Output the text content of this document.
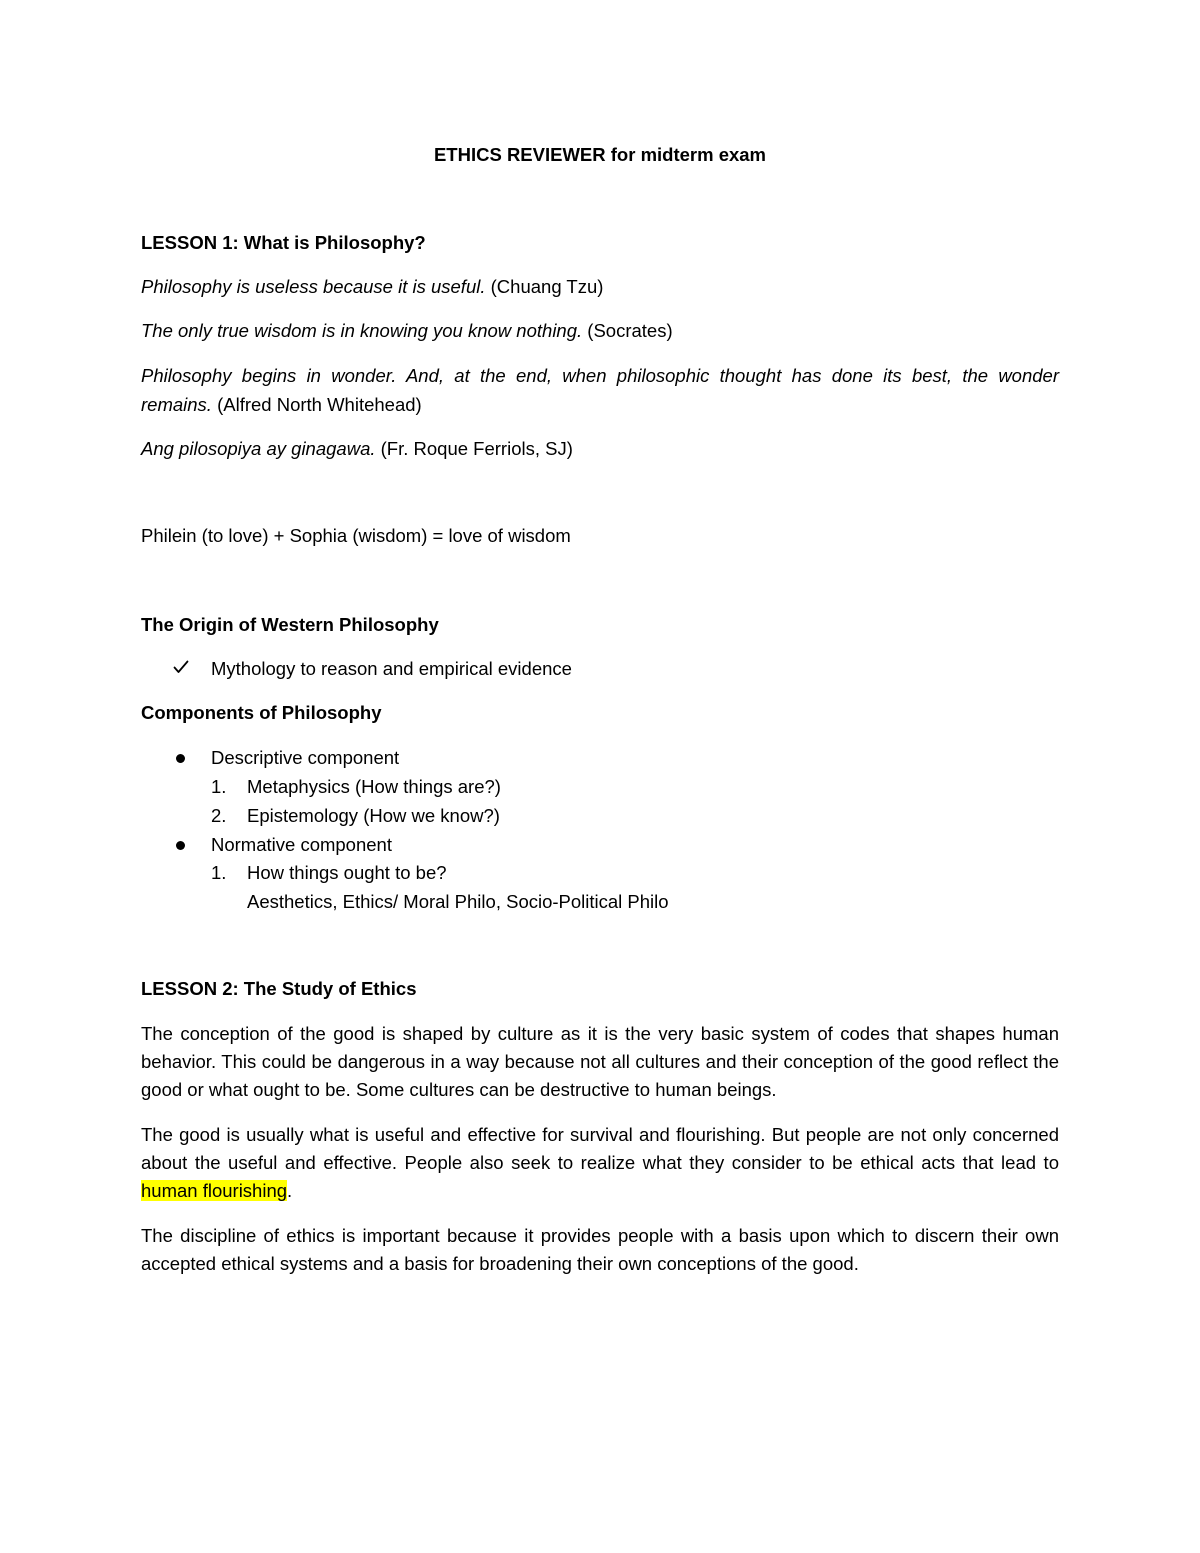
ETHICS REVIEWER for midterm exam
LESSON 1: What is Philosophy?
Philosophy is useless because it is useful. (Chuang Tzu)
The only true wisdom is in knowing you know nothing. (Socrates)
Philosophy begins in wonder. And, at the end, when philosophic thought has done its best, the wonder
remains. (Alfred North Whitehead)
Ang pilosopiya ay ginagawa. (Fr. Roque Ferriols, SJ)
Philein (to love) + Sophia (wisdom) = love of wisdom
The Origin of Western Philosophy
Mythology to reason and empirical evidence
Components of Philosophy
Descriptive component
1. Metaphysics (How things are?)
2. Epistemology (How we know?)
Normative component
1. How things ought to be?
Aesthetics, Ethics/ Moral Philo, Socio-Political Philo
LESSON 2: The Study of Ethics
The conception of the good is shaped by culture as it is the very basic system of codes that shapes human behavior. This could be dangerous in a way because not all cultures and their conception of the good reflect the good or what ought to be. Some cultures can be destructive to human beings.
The good is usually what is useful and effective for survival and flourishing. But people are not only concerned about the useful and effective. People also seek to realize what they consider to be ethical acts that lead to human flourishing.
The discipline of ethics is important because it provides people with a basis upon which to discern their own accepted ethical systems and a basis for broadening their own conceptions of the good.
